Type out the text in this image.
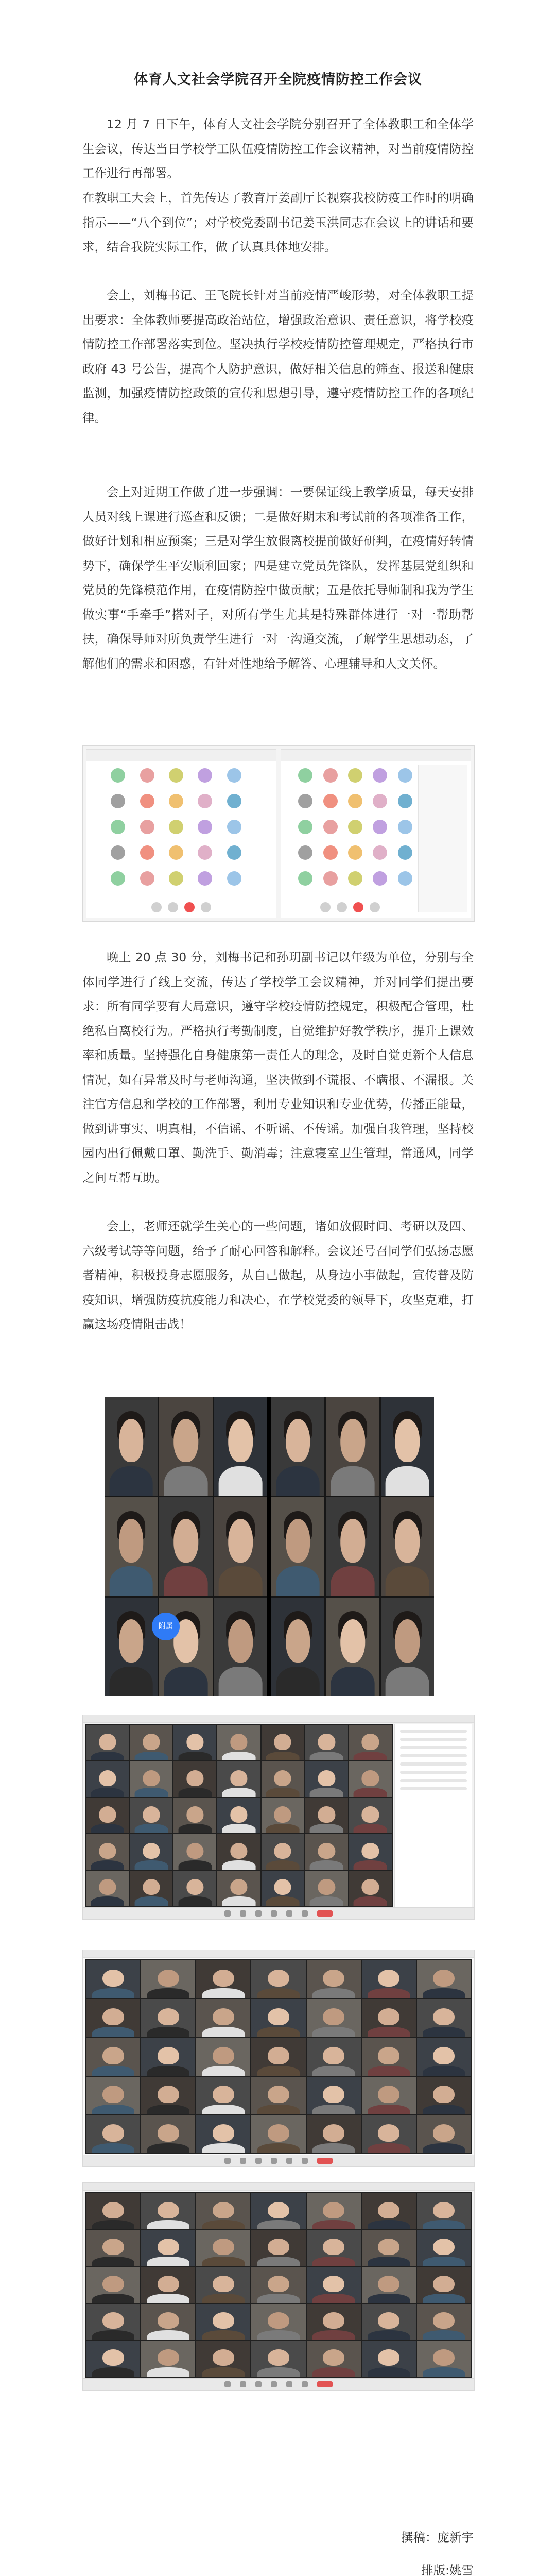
体育人文社会学院召开全院疫情防控工作会议

12 月 7 日下午，体育人文社会学院分别召开了全体教职工和全体学生会议，传达当日学校学工队伍疫情防控工作会议精神，对当前疫情防控工作进行再部署。

在教职工大会上，首先传达了教育厅姜副厅长视察我校防疫工作时的明确指示——“八个到位”；对学校党委副书记姜玉洪同志在会议上的讲话和要求，结合我院实际工作，做了认真具体地安排。

会上，刘梅书记、王飞院长针对当前疫情严峻形势，对全体教职工提出要求：全体教师要提高政治站位，增强政治意识、责任意识，将学校疫情防控工作部署落实到位。坚决执行学校疫情防控管理规定，严格执行市政府 43 号公告，提高个人防护意识，做好相关信息的筛查、报送和健康监测，加强疫情防控政策的宣传和思想引导，遵守疫情防控工作的各项纪律。

会上对近期工作做了进一步强调：一要保证线上教学质量，每天安排人员对线上课进行巡查和反馈；二是做好期末和考试前的各项准备工作，做好计划和相应预案；三是对学生放假离校提前做好研判，在疫情好转情势下，确保学生平安顺利回家；四是建立党员先锋队，发挥基层党组织和党员的先锋模范作用，在疫情防控中做贡献；五是依托导师制和我为学生做实事“手牵手”搭对子，对所有学生尤其是特殊群体进行一对一帮助帮扶，确保导师对所负责学生进行一对一沟通交流，了解学生思想动态，了解他们的需求和困惑，有针对性地给予解答、心理辅导和人文关怀。

晚上 20 点 30 分，刘梅书记和孙玥副书记以年级为单位，分别与全体同学进行了线上交流，传达了学校学工会议精神，并对同学们提出要求：所有同学要有大局意识，遵守学校疫情防控规定，积极配合管理，杜绝私自离校行为。严格执行考勤制度，自觉维护好教学秩序，提升上课效率和质量。坚持强化自身健康第一责任人的理念，及时自觉更新个人信息情况，如有异常及时与老师沟通，坚决做到不谎报、不瞒报、不漏报。关注官方信息和学校的工作部署，利用专业知识和专业优势，传播正能量，做到讲事实、明真相，不信谣、不听谣、不传谣。加强自我管理，坚持校园内出行佩戴口罩、勤洗手、勤消毒；注意寝室卫生管理，常通风，同学之间互帮互助。

会上，老师还就学生关心的一些问题，诸如放假时间、考研以及四、六级考试等等问题，给予了耐心回答和解释。会议还号召同学们弘扬志愿者精神，积极投身志愿服务，从自己做起，从身边小事做起，宣传普及防疫知识，增强防疫抗疫能力和决心，在学校党委的领导下，攻坚克难，打赢这场疫情阻击战！

附属
撰稿：庞新宇
排版:姚雪
